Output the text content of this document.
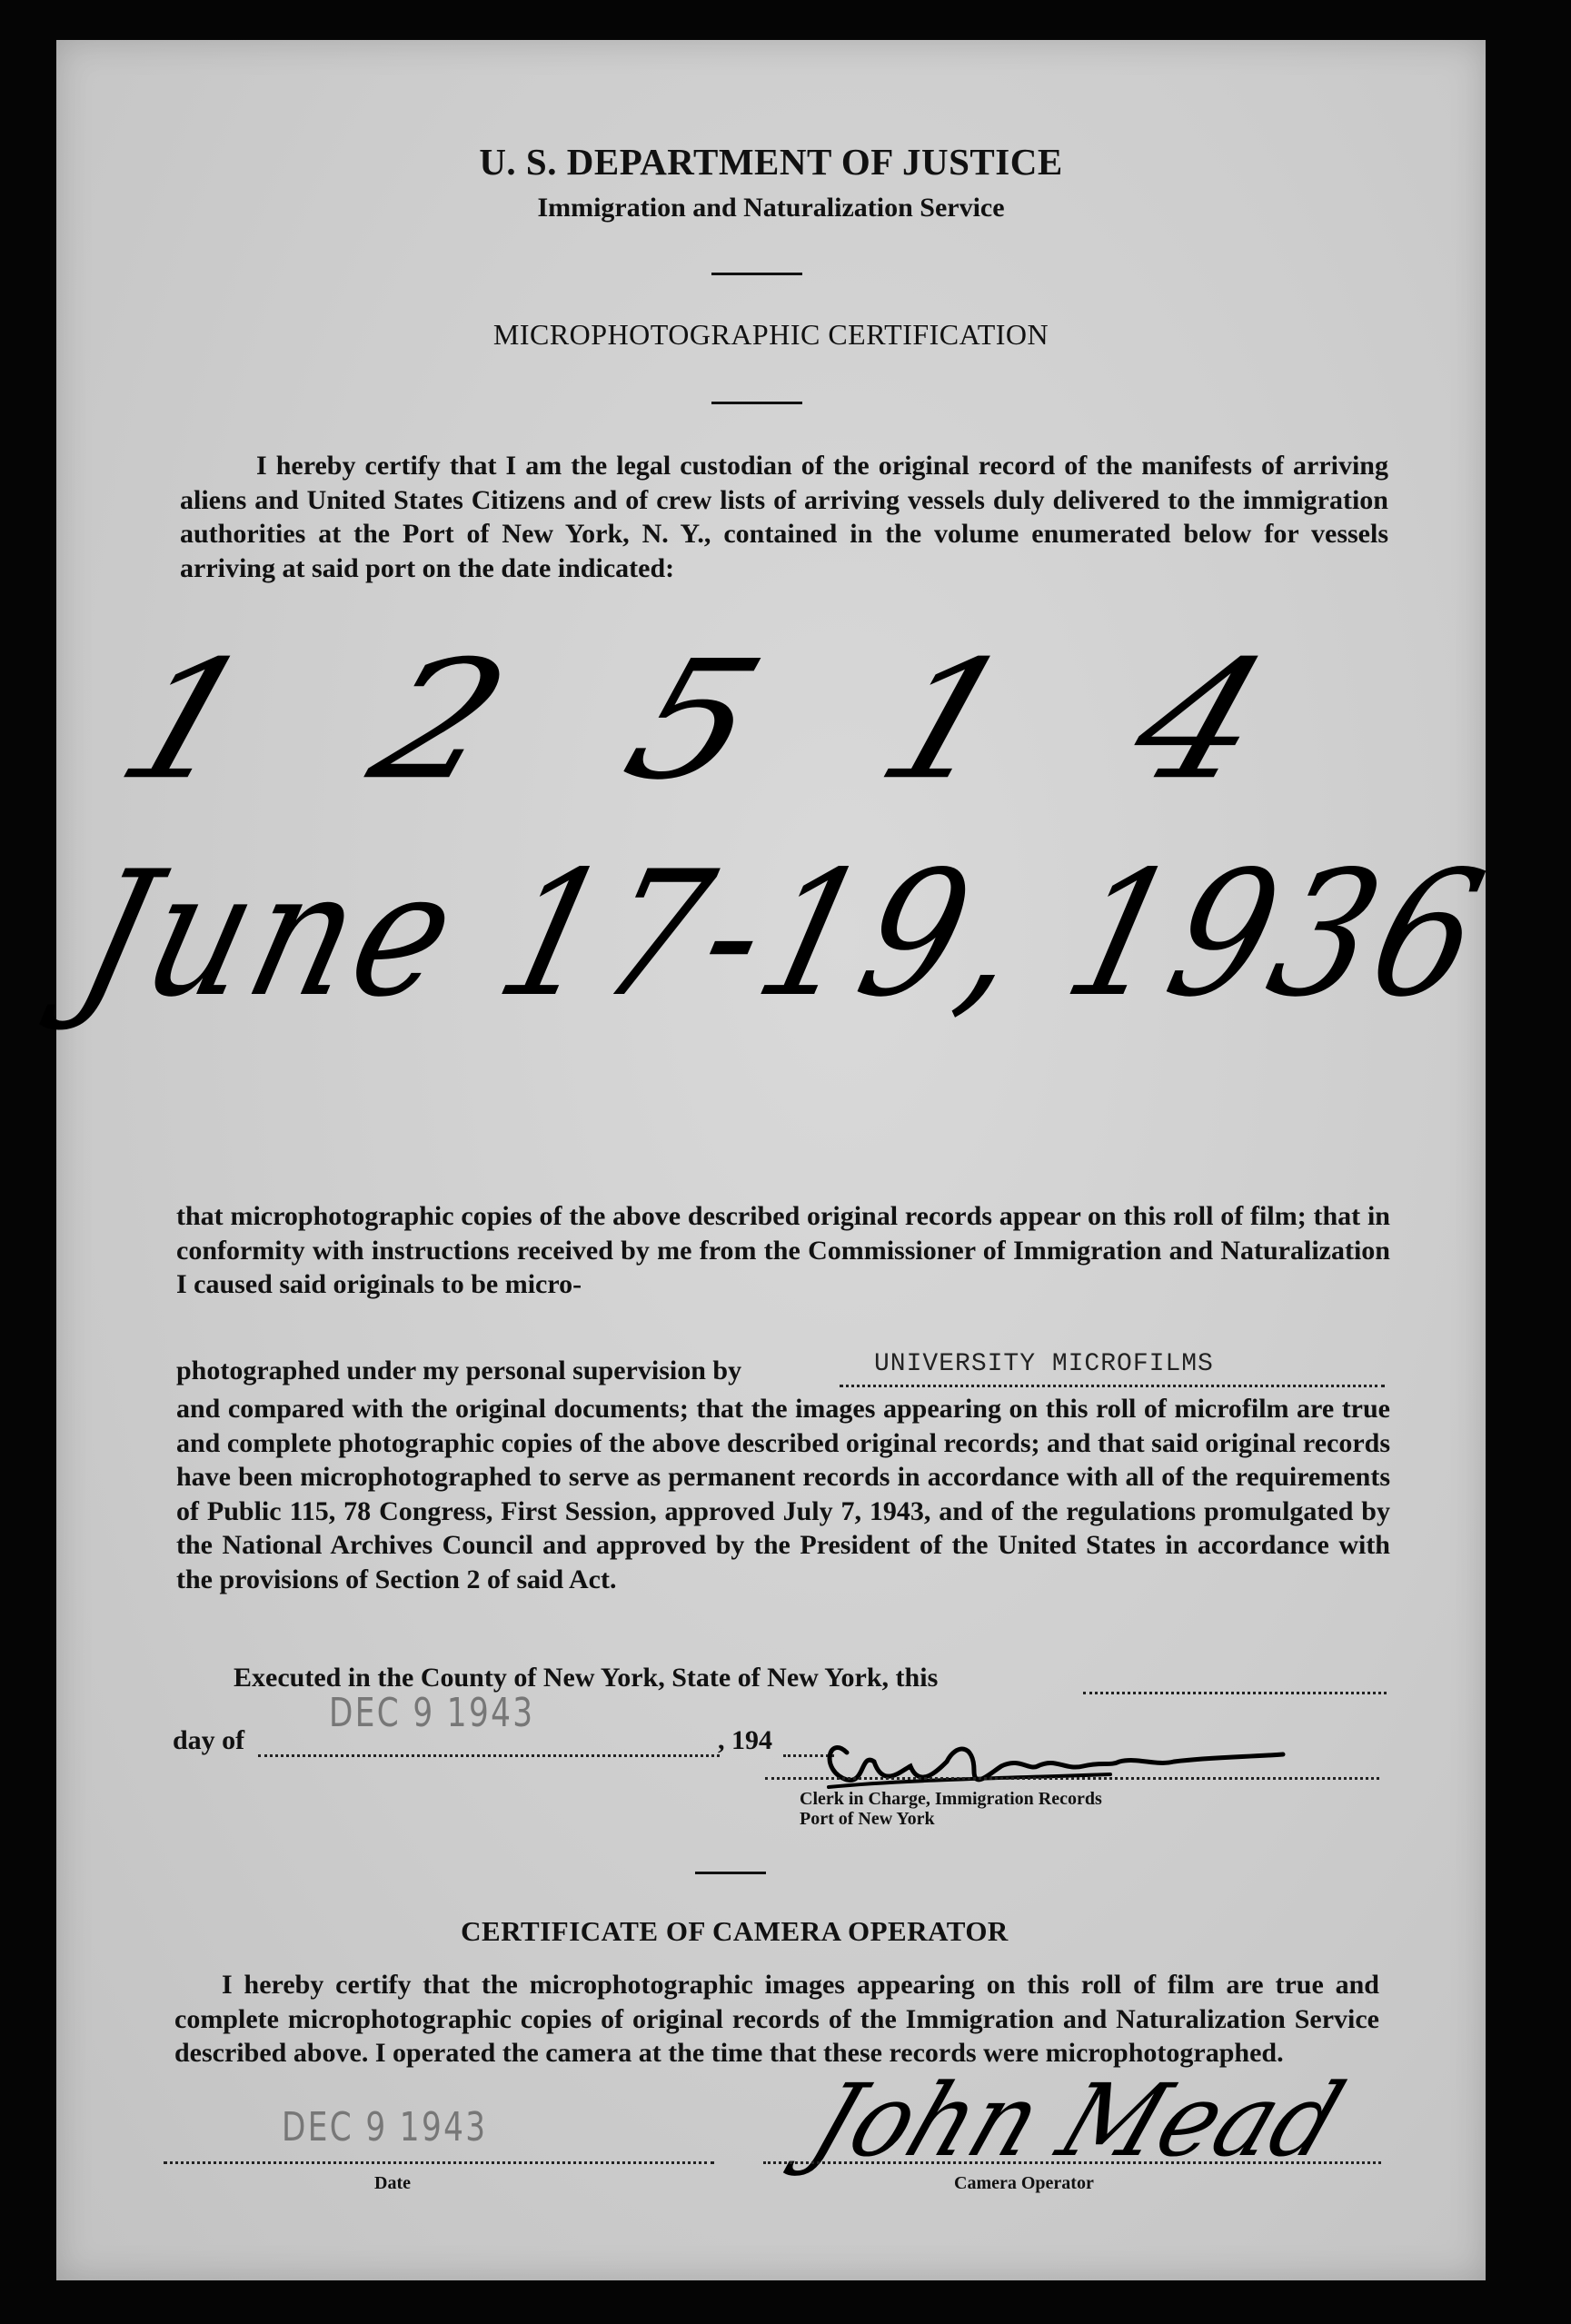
U. S. DEPARTMENT OF JUSTICE
Immigration and Naturalization Service
MICROPHOTOGRAPHIC CERTIFICATION
I hereby certify that I am the legal custodian of the original record of the manifests of arriving aliens and United States Citizens and of crew lists of arriving vessels duly delivered to the immigration authorities at the Port of New York, N. Y., contained in the volume enumerated below for vessels arriving at said port on the date indicated:
1 2 5 1 4
June 17-19, 1936
that microphotographic copies of the above described original records appear on this roll of film; that in conformity with instructions received by me from the Commissioner of Immigration and Naturalization I caused said originals to be micro-
photographed under my personal supervision by	UNIVERSITY MICROFILMS
and compared with the original documents; that the images appearing on this roll of microfilm are true and complete photographic copies of the above described original records; and that said original records have been microphotographed to serve as permanent records in accordance with all of the requirements of Public 115, 78 Congress, First Session, approved July 7, 1943, and of the regulations promulgated by the National Archives Council and approved by the President of the United States in accordance with the provisions of Section 2 of said Act.
Executed in the County of New York, State of New York, this
day of
DEC 9 1943
, 194
Clerk in Charge, Immigration Records
Port of New York
CERTIFICATE OF CAMERA OPERATOR
I hereby certify that the microphotographic images appearing on this roll of film are true and complete microphotographic copies of original records of the Immigration and Naturalization Service described above. I operated the camera at the time that these records were microphotographed.
DEC 9 1943
Date
John Mead
Camera Operator
